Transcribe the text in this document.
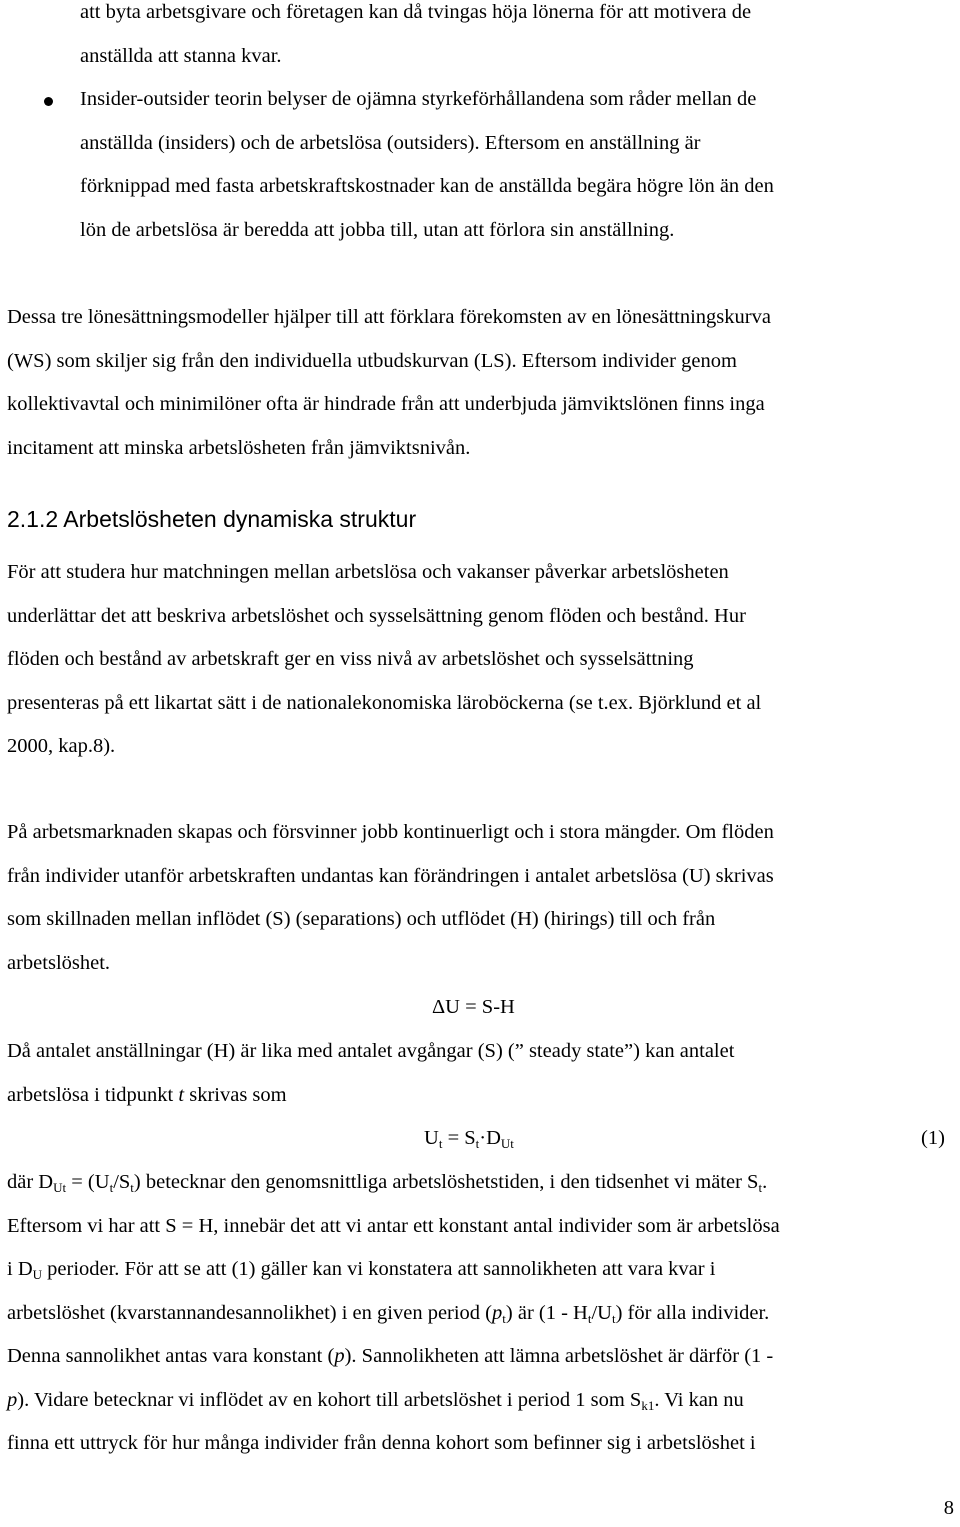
att byta arbetsgivare och företagen kan då tvingas höja lönerna för att motivera de
anställda att stanna kvar.

Insider-outsider teorin belyser de ojämna styrkeförhållandena som råder mellan de
anställda (insiders) och de arbetslösa (outsiders). Eftersom en anställning är
förknippad med fasta arbetskraftskostnader kan de anställda begära högre lön än den
lön de arbetslösa är beredda att jobba till, utan att förlora sin anställning.

Dessa tre lönesättningsmodeller hjälper till att förklara förekomsten av en lönesättningskurva
(WS) som skiljer sig från den individuella utbudskurvan (LS). Eftersom individer genom
kollektivavtal och minimilöner ofta är hindrade från att underbjuda jämviktslönen finns inga
incitament att minska arbetslösheten från jämviktsnivån.

2.1.2 Arbetslösheten dynamiska struktur

För att studera hur matchningen mellan arbetslösa och vakanser påverkar arbetslösheten
underlättar det att beskriva arbetslöshet och sysselsättning genom flöden och bestånd. Hur
flöden och bestånd av arbetskraft ger en viss nivå av arbetslöshet och sysselsättning
presenteras på ett likartat sätt i de nationalekonomiska läroböckerna (se t.ex. Björklund et al
2000, kap.8).

På arbetsmarknaden skapas och försvinner jobb kontinuerligt och i stora mängder. Om flöden
från individer utanför arbetskraften undantas kan förändringen i antalet arbetslösa (U) skrivas
som skillnaden mellan inflödet (S) (separations) och utflödet (H) (hirings) till och från
arbetslöshet.

ΔU = S-H

Då antalet anställningar (H) är lika med antalet avgångar (S) (” steady state”) kan antalet
arbetslösa i tidpunkt t skrivas som

$U_t = S_t\cdot D_{Ut}$	(1)

där $D_{Ut} = (U_t/S_t)$ betecknar den genomsnittliga arbetslöshetstiden, i den tidsenhet vi mäter $S_t$.
Eftersom vi har att S = H, innebär det att vi antar ett konstant antal individer som är arbetslösa
i $D_U$ perioder. För att se att (1) gäller kan vi konstatera att sannolikheten att vara kvar i
arbetslöshet (kvarstannandesannolikhet) i en given period $(p_t)$ är $(1 - H_t/U_t)$ för alla individer.
Denna sannolikhet antas vara konstant (p). Sannolikheten att lämna arbetslöshet är därför (1 -
p). Vidare betecknar vi inflödet av en kohort till arbetslöshet i period 1 som $S_{k1}$. Vi kan nu
finna ett uttryck för hur många individer från denna kohort som befinner sig i arbetslöshet i

8
